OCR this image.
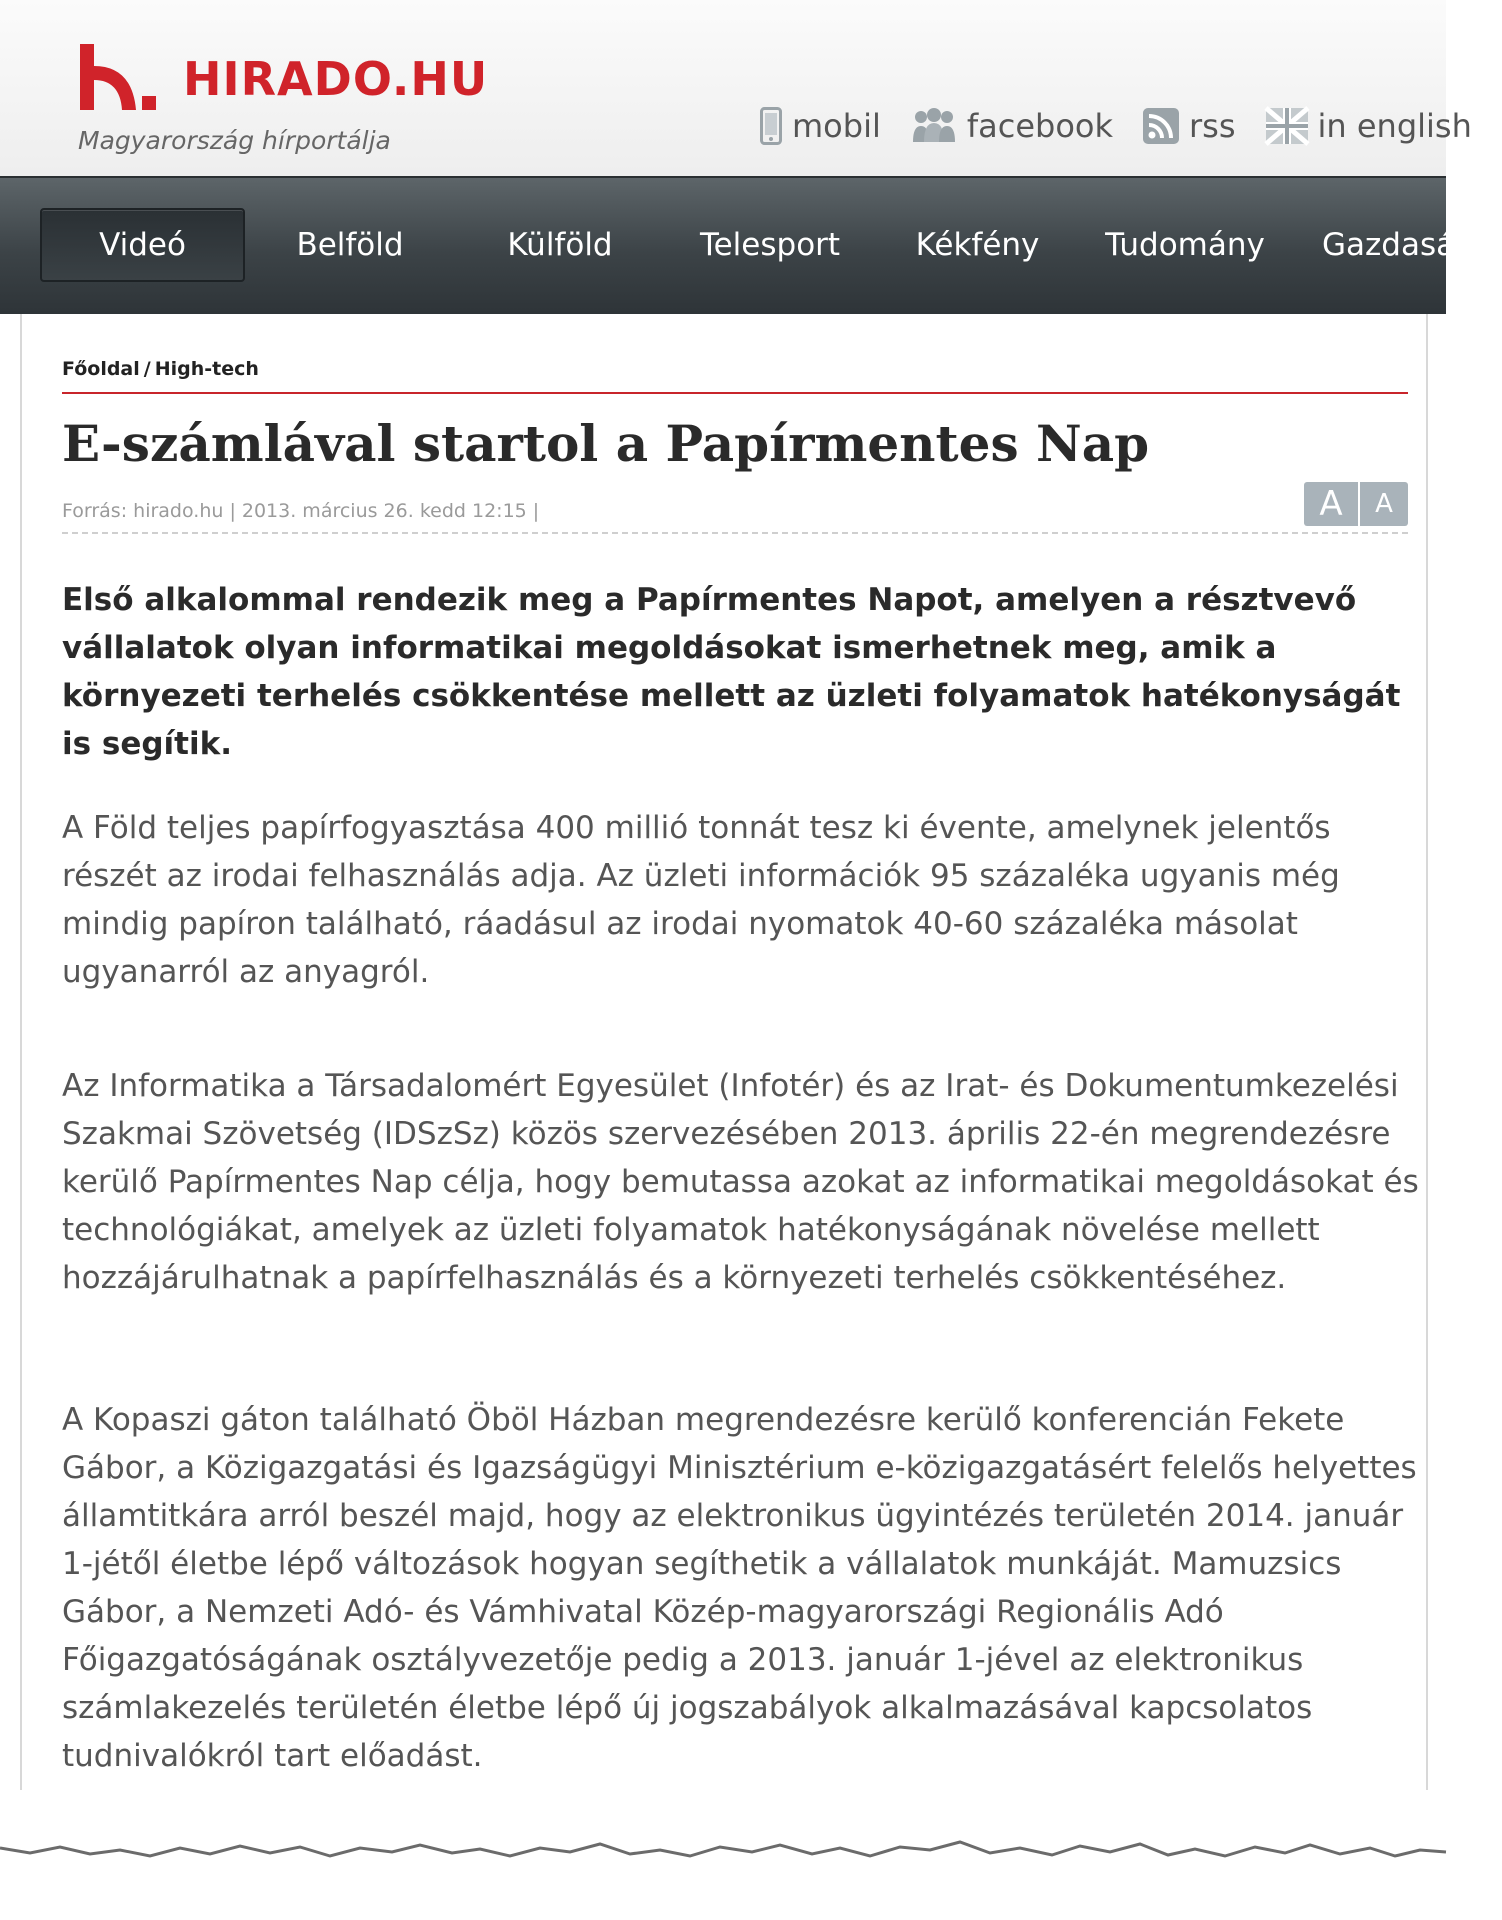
HIRADO.HU
Magyarország hírportálja	mobil	facebook rss	in english
Videó	Belföld	Külföld	Telesport	Kékfény	Tudomány	Gazdaság
Főoldal / High-tech
E-számlával startol a Papírmentes Nap
Forrás: hirado.hu | 2013. március 26. kedd 12:15 |	A	A

Első alkalommal rendezik meg a Papírmentes Napot, amelyen a résztvevő vállalatok olyan informatikai megoldásokat ismerhetnek meg, amik a környezeti terhelés csökkentése mellett az üzleti folyamatok hatékonyságát is segítik.

A Föld teljes papírfogyasztása 400 millió tonnát tesz ki évente, amelynek jelentős részét az irodai felhasználás adja. Az üzleti információk 95 százaléka ugyanis még mindig papíron található, ráadásul az irodai nyomatok 40-60 százaléka másolat ugyanarról az anyagról.

Az Informatika a Társadalomért Egyesület (Infotér) és az Irat- és Dokumentumkezelési Szakmai Szövetség (IDSzSz) közös szervezésében 2013. április 22-én megrendezésre kerülő Papírmentes Nap célja, hogy bemutassa azokat az informatikai megoldásokat és technológiákat, amelyek az üzleti folyamatok hatékonyságának növelése mellett hozzájárulhatnak a papírfelhasználás és a környezeti terhelés csökkentéséhez.

A Kopaszi gáton található Öböl Házban megrendezésre kerülő konferencián Fekete Gábor, a Közigazgatási és Igazságügyi Minisztérium e-közigazgatásért felelős helyettes államtitkára arról beszél majd, hogy az elektronikus ügyintézés területén 2014. január 1-jétől életbe lépő változások hogyan segíthetik a vállalatok munkáját. Mamuzsics Gábor, a Nemzeti Adó- és Vámhivatal Közép-magyarországi Regionális Adó Főigazgatóságának osztályvezetője pedig a 2013. január 1-jével az elektronikus számlakezelés területén életbe lépő új jogszabályok alkalmazásával kapcsolatos tudnivalókról tart előadást.
